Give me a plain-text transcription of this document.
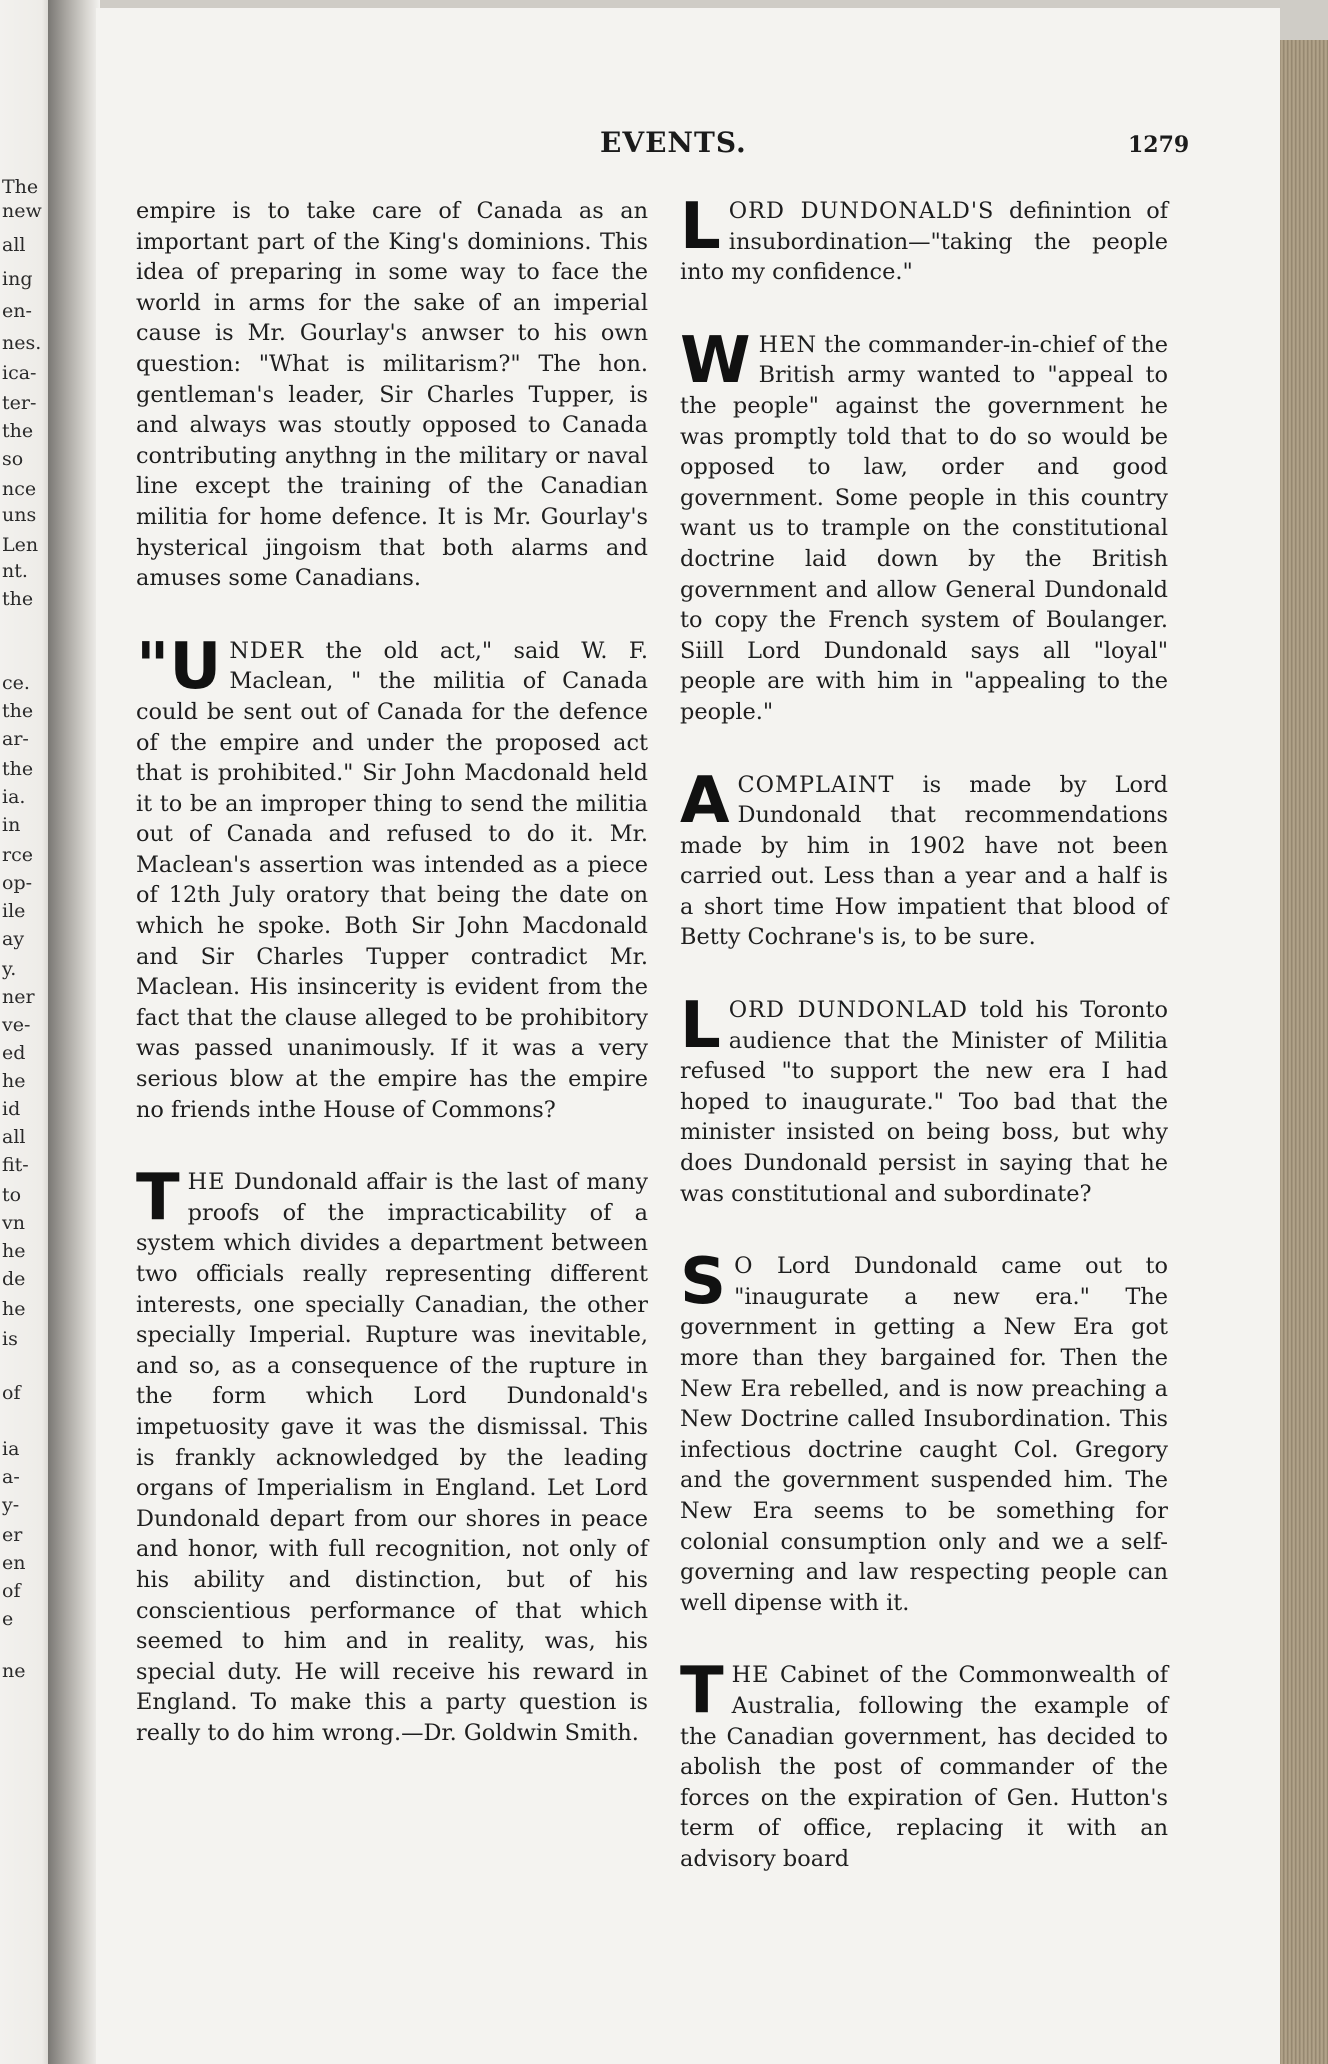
The
new
all
ing
en-
nes.
ica-
ter-
the
so
nce
uns
Len
nt.
the
ce.
the
ar-
the
ia.
in
rce
op-
ile
ay
y.
ner
ve-
ed
he
id
all
fit-
to
vn
he
de
he
is
of
ia
a-
y-
er
en
of
e
ne
EVENTS.	1279

empire is to take care of Canada as an important part of the King's dominions. This idea of preparing in some way to face the world in arms for the sake of an imperial cause is Mr. Gourlay's anwser to his own question: "What is militarism?" The hon. gentleman's leader, Sir Charles Tupper, is and always was stoutly opposed to Canada contributing anythng in the military or naval line except the training of the Canadian militia for home defence. It is Mr. Gourlay's hysterical jingoism that both alarms and amuses some Canadians.

"UNDER the old act," said W. F. Maclean, " the militia of Canada could be sent out of Canada for the defence of the empire and under the proposed act that is prohibited." Sir John Macdonald held it to be an improper thing to send the militia out of Canada and refused to do it. Mr. Maclean's assertion was intended as a piece of 12th July oratory that being the date on which he spoke. Both Sir John Macdonald and Sir Charles Tupper contradict Mr. Maclean. His insincerity is evident from the fact that the clause alleged to be prohibitory was passed unanimously. If it was a very serious blow at the empire has the empire no friends inthe House of Commons?

THE Dundonald affair is the last of many proofs of the impracticability of a system which divides a department between two officials really representing different interests, one specially Canadian, the other specially Imperial. Rupture was inevitable, and so, as a consequence of the rupture in the form which Lord Dundonald's impetuosity gave it was the dismissal. This is frankly acknowledged by the leading organs of Imperialism in England. Let Lord Dundonald depart from our shores in peace and honor, with full recognition, not only of his ability and distinction, but of his conscientious performance of that which seemed to him and in reality, was, his special duty. He will receive his reward in England. To make this a party question is really to do him wrong.—Dr. Goldwin Smith.

LORD DUNDONALD'S definintion of insubordination—"taking the people into my confidence."

WHEN the commander-in-chief of the British army wanted to "appeal to the people" against the government he was promptly told that to do so would be opposed to law, order and good government. Some people in this country want us to trample on the constitutional doctrine laid down by the British government and allow General Dundonald to copy the French system of Boulanger. Siill Lord Dundonald says all "loyal" people are with him in "appealing to the people."

ACOMPLAINT is made by Lord Dundonald that recommendations made by him in 1902 have not been carried out. Less than a year and a half is a short time How impatient that blood of Betty Cochrane's is, to be sure.

LORD DUNDONLAD told his Toronto audience that the Minister of Militia refused "to support the new era I had hoped to inaugurate." Too bad that the minister insisted on being boss, but why does Dundonald persist in saying that he was constitutional and subordinate?

S O Lord Dundonald came out to "inaugurate a new era." The government in getting a New Era got more than they bargained for. Then the New Era rebelled, and is now preaching a New Doctrine called Insubordination. This infectious doctrine caught Col. Gregory and the government suspended him. The New Era seems to be something for colonial consumption only and we a self-governing and law respecting people can well dipense with it.

THE Cabinet of the Commonwealth of Australia, following the example of the Canadian government, has decided to abolish the post of commander of the forces on the expiration of Gen. Hutton's term of office, replacing it with an advisory board
